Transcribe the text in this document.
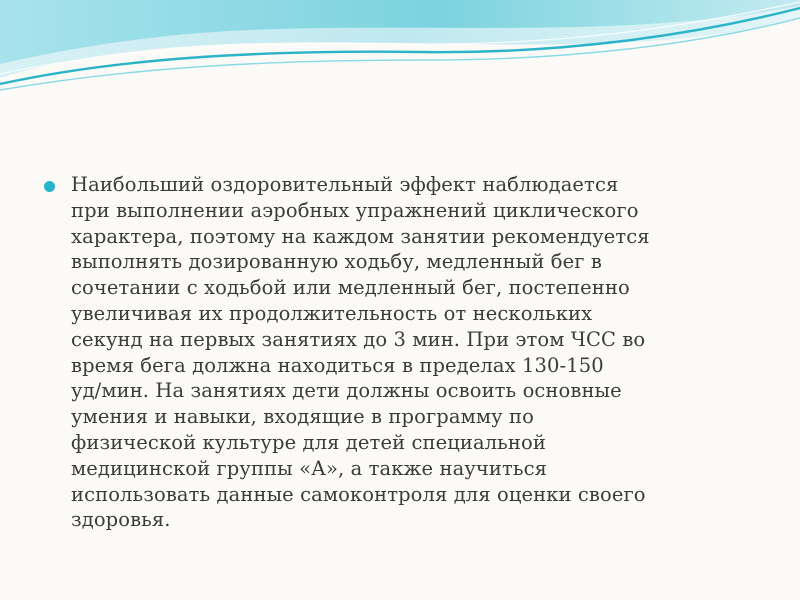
Наибольший оздоровительный эффект наблюдается
при выполнении аэробных упражнений циклического
характера, поэтому на каждом занятии рекомендуется
выполнять дозированную ходьбу, медленный бег в
сочетании с ходьбой или медленный бег, постепенно
увеличивая их продолжительность от нескольких
секунд на первых занятиях до 3 мин. При этом ЧСС во
время бега должна находиться в пределах 130-150
уд/мин. На занятиях дети должны освоить основные
умения и навыки, входящие в программу по
физической культуре для детей специальной
медицинской группы «А», а также научиться
использовать данные самоконтроля для оценки своего
здоровья.
